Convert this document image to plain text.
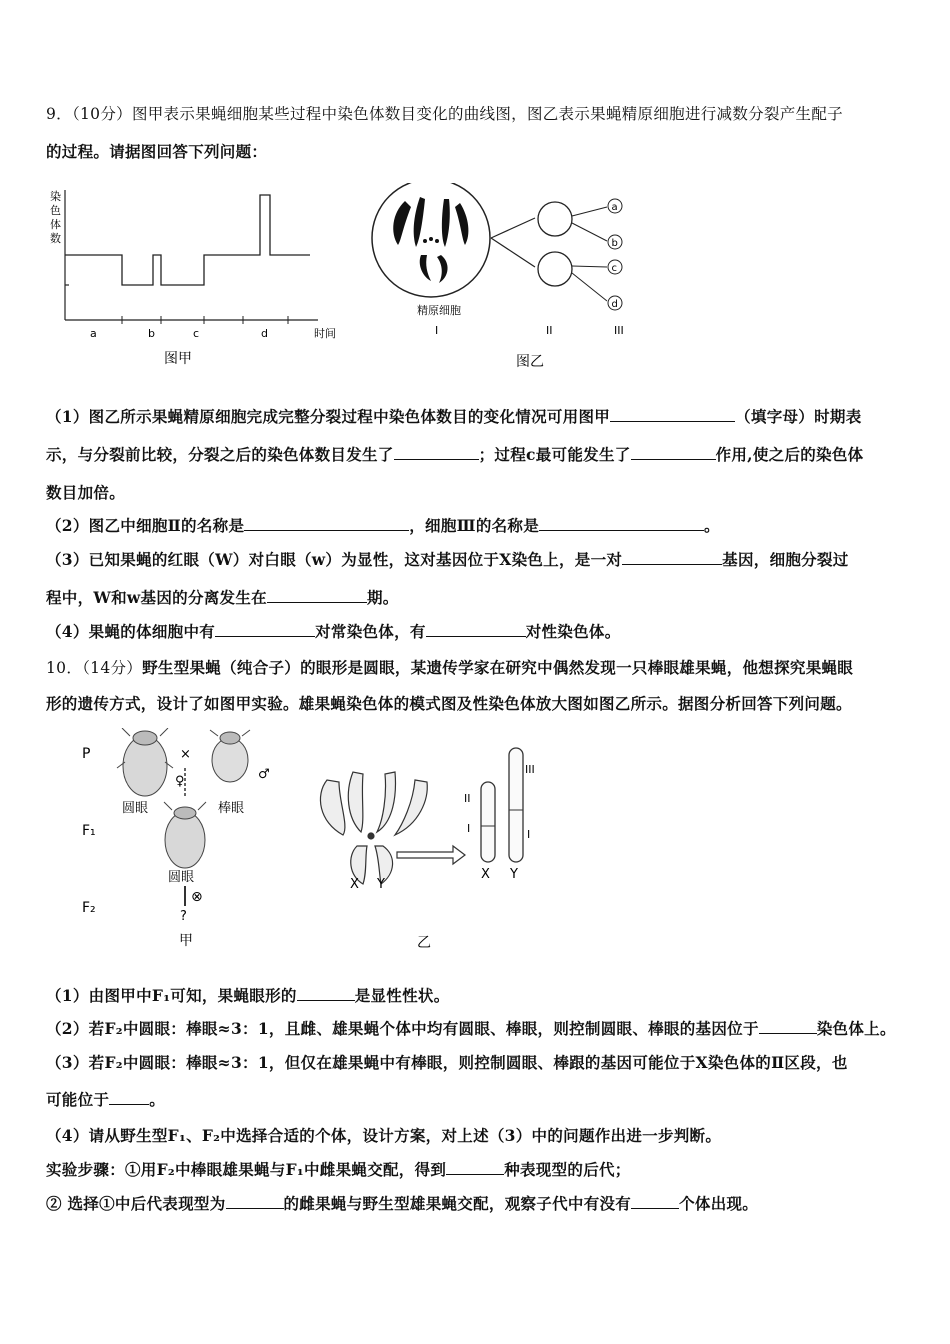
9．（10分）图甲表示果蝇细胞某些过程中染色体数目变化的曲线图，图乙表示果蝇精原细胞进行减数分裂产生配子
的过程。请据图回答下列问题：
染
色
体
数
a	b	c	d	时间
图甲
a
b
c
d
精原细胞
I	II	III
图乙
（1）图乙所示果蝇精原细胞完成完整分裂过程中染色体数目的变化情况可用图甲	（填字母）时期表
示，与分裂前比较，分裂之后的染色体数目发生了	；过程c最可能发生了	作用,使之后的染色体
数目加倍。
（2）图乙中细胞Ⅱ的名称是	，细胞Ⅲ的名称是	。
（3）已知果蝇的红眼（W）对白眼（w）为显性，这对基因位于X染色上，是一对	基因，细胞分裂过
程中，W和w基因的分离发生在	期。
（4）果蝇的体细胞中有	对常染色体，有	对性染色体。
10．（14分）野生型果蝇（纯合子）的眼形是圆眼，某遗传学家在研究中偶然发现一只棒眼雄果蝇，他想探究果蝇眼
形的遗传方式，设计了如图甲实验。雄果蝇染色体的模式图及性染色体放大图如图乙所示。据图分析回答下列问题。
P
F₁
F₂
×
♀	♂
圆眼	棒眼
圆眼
⊗
?
甲
X Y
II
I
III
I
X Y
乙
（1）由图甲中F₁可知，果蝇眼形的	是显性性状。
（2）若F₂中圆眼：棒眼≈3：1，且雌、雄果蝇个体中均有圆眼、棒眼，则控制圆眼、棒眼的基因位于	染色体上。
（3）若F₂中圆眼：棒眼≈3：1，但仅在雄果蝇中有棒眼，则控制圆眼、棒跟的基因可能位于X染色体的Ⅱ区段，也
可能位于	。
（4）请从野生型F₁、F₂中选择合适的个体，设计方案，对上述（3）中的问题作出进一步判断。
实验步骤：①用F₂中棒眼雄果蝇与F₁中雌果蝇交配，得到	种表现型的后代；
② 选择①中后代表现型为	的雌果蝇与野生型雄果蝇交配，观察子代中有没有	个体出现。
